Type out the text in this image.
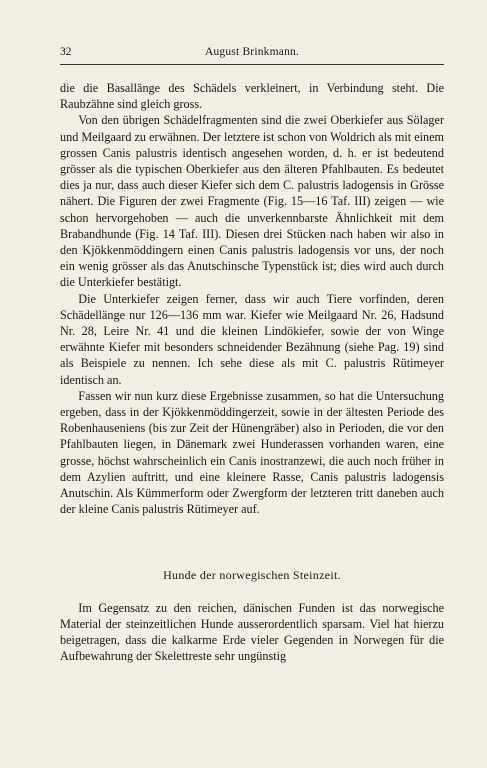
32	August Brinkmann.

die die Basallänge des Schädels verkleinert, in Verbindung steht. Die Raubzähne sind gleich gross.

Von den übrigen Schädelfragmenten sind die zwei Oberkiefer aus Sölager und Meilgaard zu erwähnen. Der letztere ist schon von Woldrich als mit einem grossen Canis palustris identisch angesehen worden, d. h. er ist bedeutend grösser als die typischen Oberkiefer aus den älteren Pfahlbauten. Es bedeutet dies ja nur, dass auch dieser Kiefer sich dem C. palustris ladogensis in Grösse nähert. Die Figuren der zwei Fragmente (Fig. 15—16 Taf. III) zeigen — wie schon hervorgehoben — auch die unverkennbarste Ähnlichkeit mit dem Brabandhunde (Fig. 14 Taf. III). Diesen drei Stücken nach haben wir also in den Kjökkenmöddingern einen Canis palustris ladogensis vor uns, der noch ein wenig grösser als das Anutschinsche Typenstück ist; dies wird auch durch die Unterkiefer bestätigt.

Die Unterkiefer zeigen ferner, dass wir auch Tiere vorfinden, deren Schädellänge nur 126—136 mm war. Kiefer wie Meilgaard Nr. 26, Hadsund Nr. 28, Leire Nr. 41 und die kleinen Lindökiefer, sowie der von Winge erwähnte Kiefer mit besonders schneidender Bezähnung (siehe Pag. 19) sind als Beispiele zu nennen. Ich sehe diese als mit C. palustris Rütimeyer identisch an.

Fassen wir nun kurz diese Ergebnisse zusammen, so hat die Untersuchung ergeben, dass in der Kjökkenmöddingerzeit, sowie in der ältesten Periode des Robenhauseniens (bis zur Zeit der Hünengräber) also in Perioden, die vor den Pfahlbauten liegen, in Dänemark zwei Hunderassen vorhanden waren, eine grosse, höchst wahrscheinlich ein Canis inostranzewi, die auch noch früher in dem Azylien auftritt, und eine kleinere Rasse, Canis palustris ladogensis Anutschin. Als Kümmerform oder Zwergform der letzteren tritt daneben auch der kleine Canis palustris Rütimeyer auf.

Hunde der norwegischen Steinzeit.

Im Gegensatz zu den reichen, dänischen Funden ist das norwegische Material der steinzeitlichen Hunde ausserordentlich sparsam. Viel hat hierzu beigetragen, dass die kalkarme Erde vieler Gegenden in Norwegen für die Aufbewahrung der Skelettreste sehr ungünstig
